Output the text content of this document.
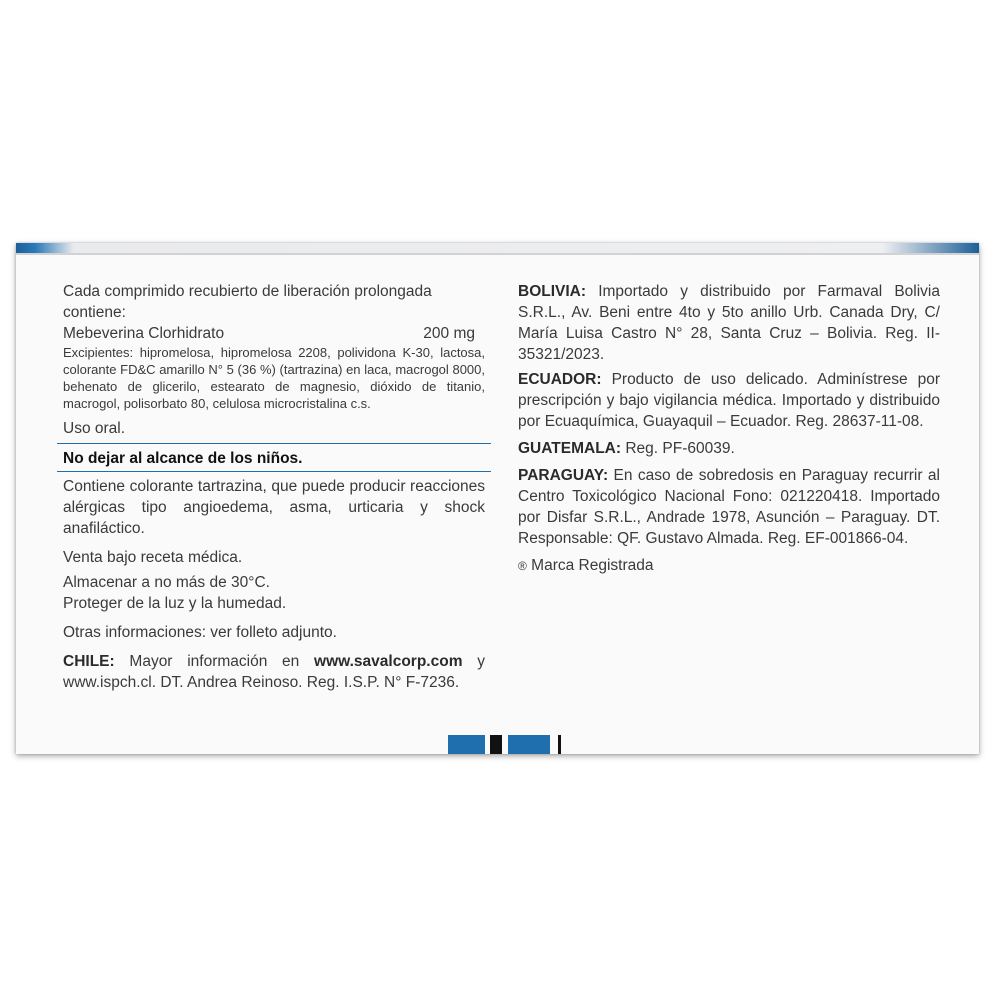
Cada comprimido recubierto de liberación prolongada contiene:

Mebeverina Clorhidrato	200 mg

Excipientes: hipromelosa, hipromelosa 2208, polividona K-30, lactosa, colorante FD&C amarillo N° 5 (36 %) (tartrazina) en laca, macrogol 8000, behenato de glicerilo, estearato de magnesio, dióxido de titanio, macrogol, polisorbato 80, celulosa microcristalina c.s.

Uso oral.

No dejar al alcance de los niños.

Contiene colorante tartrazina, que puede producir reacciones alérgicas tipo angioedema, asma, urticaria y shock anafiláctico.

Venta bajo receta médica.

Almacenar a no más de 30°C.

Proteger de la luz y la humedad.

Otras informaciones: ver folleto adjunto.

CHILE: Mayor información en www.savalcorp.com y www.ispch.cl. DT. Andrea Reinoso. Reg. I.S.P. N° F-7236.

BOLIVIA: Importado y distribuido por Farmaval Bolivia S.R.L., Av. Beni entre 4to y 5to anillo Urb. Canada Dry, C/ María Luisa Castro N° 28, Santa Cruz – Bolivia. Reg. II-35321/2023.

ECUADOR: Producto de uso delicado. Adminístrese por prescripción y bajo vigilancia médica. Importado y distribuido por Ecuaquímica, Guayaquil – Ecuador. Reg. 28637-11-08.

GUATEMALA: Reg. PF-60039.

PARAGUAY: En caso de sobredosis en Paraguay recurrir al Centro Toxicológico Nacional Fono: 021220418. Importado por Disfar S.R.L., Andrade 1978, Asunción – Paraguay. DT. Responsable: QF. Gustavo Almada. Reg. EF-001866-04.

® Marca Registrada
